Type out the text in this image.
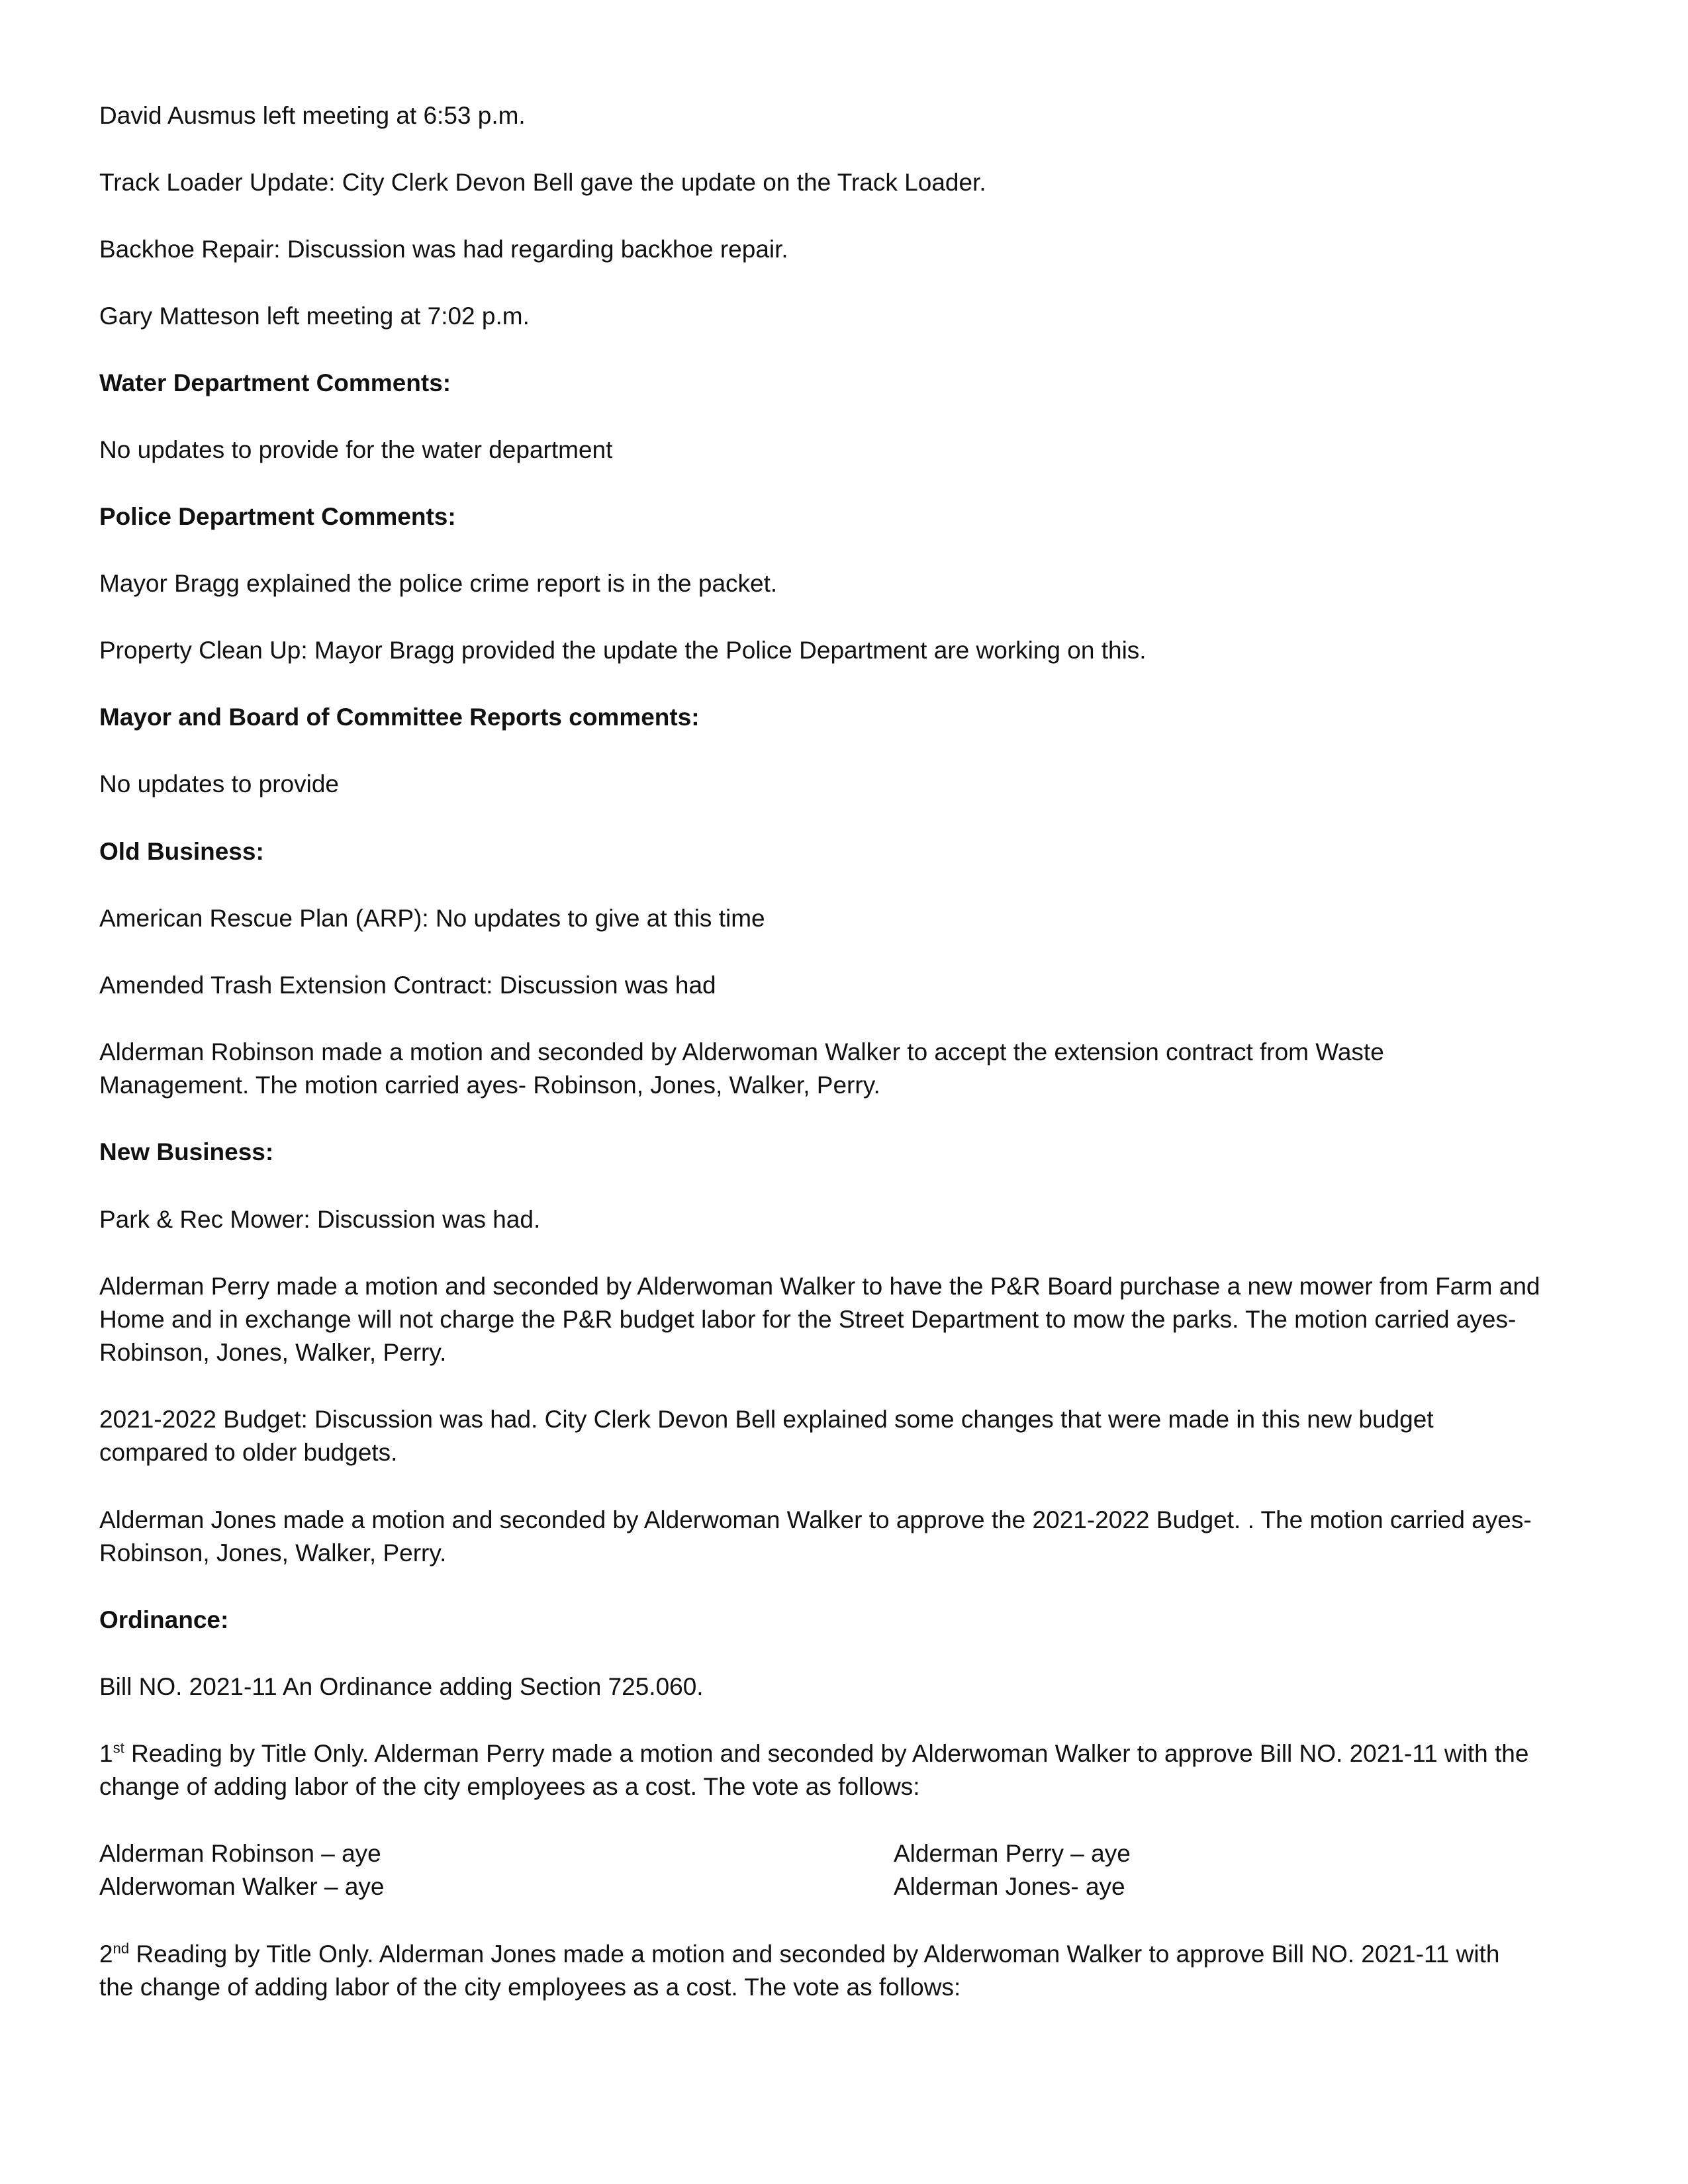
David Ausmus left meeting at 6:53 p.m.
Track Loader Update: City Clerk Devon Bell gave the update on the Track Loader.
Backhoe Repair: Discussion was had regarding backhoe repair.
Gary Matteson left meeting at 7:02 p.m.
Water Department Comments:
No updates to provide for the water department
Police Department Comments:
Mayor Bragg explained the police crime report is in the packet.
Property Clean Up: Mayor Bragg provided the update the Police Department are working on this.
Mayor and Board of Committee Reports comments:
No updates to provide
Old Business:
American Rescue Plan (ARP): No updates to give at this time
Amended Trash Extension Contract: Discussion was had
Alderman Robinson made a motion and seconded by Alderwoman Walker to accept the extension contract from Waste
Management. The motion carried ayes- Robinson, Jones, Walker, Perry.
New Business:
Park & Rec Mower: Discussion was had.
Alderman Perry made a motion and seconded by Alderwoman Walker to have the P&R Board purchase a new mower from Farm and
Home and in exchange will not charge the P&R budget labor for the Street Department to mow the parks. The motion carried ayes-
Robinson, Jones, Walker, Perry.
2021-2022 Budget: Discussion was had. City Clerk Devon Bell explained some changes that were made in this new budget
compared to older budgets.
Alderman Jones made a motion and seconded by Alderwoman Walker to approve the 2021-2022 Budget. . The motion carried ayes-
Robinson, Jones, Walker, Perry.
Ordinance:
Bill NO. 2021-11 An Ordinance adding Section 725.060.
1st Reading by Title Only. Alderman Perry made a motion and seconded by Alderwoman Walker to approve Bill NO. 2021-11 with the
change of adding labor of the city employees as a cost. The vote as follows:
Alderman Robinson – aye
Alderwoman Walker – aye
Alderman Perry – aye
Alderman Jones- aye
2nd Reading by Title Only. Alderman Jones made a motion and seconded by Alderwoman Walker to approve Bill NO. 2021-11 with
the change of adding labor of the city employees as a cost. The vote as follows:
